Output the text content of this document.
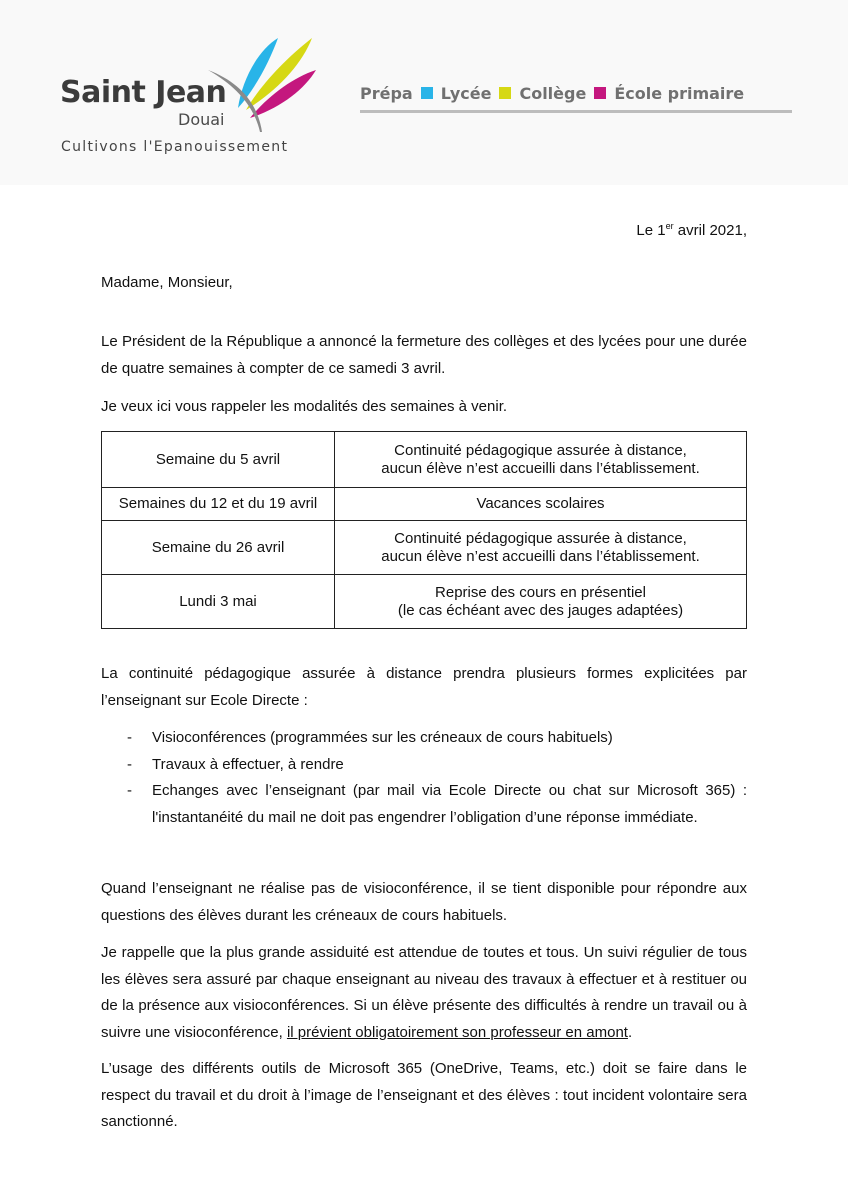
Saint Jean
Douai
Cultivons l'Epanouissement
Prépa Lycée Collège École primaire
Le 1er avril 2021,
Madame, Monsieur,
Le Président de la République a annoncé la fermeture des collèges et des lycées pour une durée de quatre semaines à compter de ce samedi 3 avril.
Je veux ici vous rappeler les modalités des semaines à venir.
Semaine du 5 avril	Continuité pédagogique assurée à distance,
aucun élève n’est accueilli dans l’établissement.
Semaines du 12 et du 19 avril	Vacances scolaires
Semaine du 26 avril	Continuité pédagogique assurée à distance,
aucun élève n’est accueilli dans l’établissement.
Lundi 3 mai	Reprise des cours en présentiel
(le cas échéant avec des jauges adaptées)
La continuité pédagogique assurée à distance prendra plusieurs formes explicitées par l’enseignant sur Ecole Directe :
- Visioconférences (programmées sur les créneaux de cours habituels)
- Travaux à effectuer, à rendre
- Echanges avec l’enseignant (par mail via Ecole Directe ou chat sur Microsoft 365) : l'instantanéité du mail ne doit pas engendrer l’obligation d’une réponse immédiate.
Quand l’enseignant ne réalise pas de visioconférence, il se tient disponible pour répondre aux questions des élèves durant les créneaux de cours habituels.
Je rappelle que la plus grande assiduité est attendue de toutes et tous. Un suivi régulier de tous les élèves sera assuré par chaque enseignant au niveau des travaux à effectuer et à restituer ou de la présence aux visioconférences. Si un élève présente des difficultés à rendre un travail ou à suivre une visioconférence, il prévient obligatoirement son professeur en amont.
L’usage des différents outils de Microsoft 365 (OneDrive, Teams, etc.) doit se faire dans le respect du travail et du droit à l’image de l’enseignant et des élèves : tout incident volontaire sera sanctionné.
